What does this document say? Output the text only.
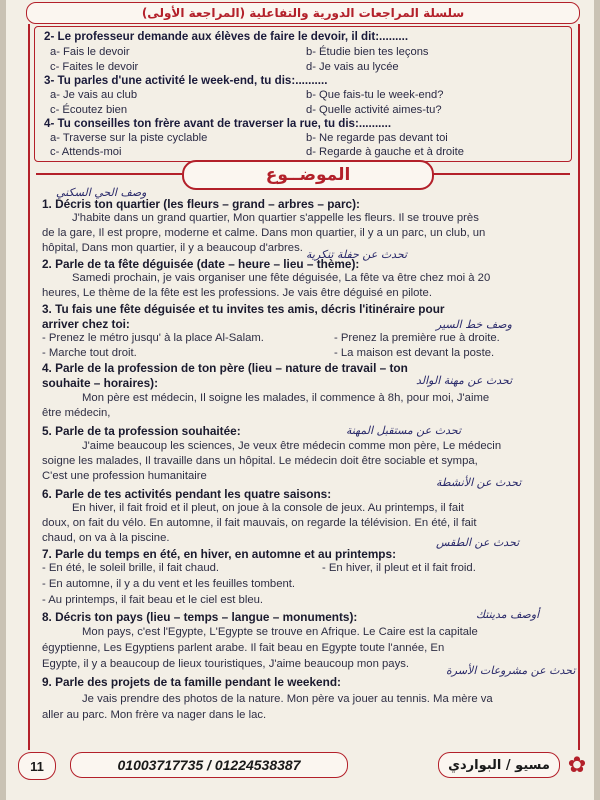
سلسلة المراجعات الدورية والتفاعلية (المراجعة الأولى)
2- Le professeur demande aux élèves de faire le devoir, il dit:.........
a- Fais le devoir	b- Étudie bien tes leçons
c- Faites le devoir	d- Je vais au lycée
3- Tu parles d'une activité le week-end, tu dis:..........
a- Je vais au club	b- Que fais-tu le week-end?
c- Écoutez bien	d- Quelle activité aimes-tu?
4- Tu conseilles ton frère avant de traverser la rue, tu dis:..........
a- Traverse sur la piste cyclable	b- Ne regarde pas devant toi
c- Attends-moi	d- Regarde à gauche et à droite
الموضــوع
وصف الحي السكني
1. Décris ton quartier (les fleurs – grand – arbres – parc):
J'habite dans un grand quartier, Mon quartier s'appelle les fleurs. Il se trouve près
de la gare, Il est propre, moderne et calme. Dans mon quartier, il y a un parc, un club, un
hôpital, Dans mon quartier, il y a beaucoup d'arbres. تحدث عن حفلة تنكرية
2. Parle de ta fête déguisée (date – heure – lieu – thème):
Samedi prochain, je vais organiser une fête déguisée, La fête va être chez moi à 20
heures, Le thème de la fête est les professions. Je vais être déguisé en pilote.
3. Tu fais une fête déguisée et tu invites tes amis, décris l'itinéraire pour
arriver chez toi:	وصف خط السير
- Prenez le métro jusqu' à la place Al-Salam.	- Prenez la première rue à droite.
- Marche tout droit.	- La maison est devant la poste.
4. Parle de la profession de ton père (lieu – nature de travail – ton
souhaite – horaires):	تحدث عن مهنة الوالد
Mon père est médecin, Il soigne les malades, il commence à 8h, pour moi, J'aime
être médecin,
5. Parle de ta profession souhaitée:	تحدث عن مستقبل المهنة
J'aime beaucoup les sciences, Je veux être médecin comme mon père, Le médecin
soigne les malades, Il travaille dans un hôpital. Le médecin doit être sociable et sympa,
C'est une profession humanitaire	تحدث عن الأنشطة
6. Parle de tes activités pendant les quatre saisons:
En hiver, il fait froid et il pleut, on joue à la console de jeux. Au printemps, il fait
doux, on fait du vélo. En automne, il fait mauvais, on regarde la télévision. En été, il fait
chaud, on va à la piscine.	تحدث عن الطقس
7. Parle du temps en été, en hiver, en automne et au printemps:
- En été, le soleil brille, il fait chaud.	- En hiver, il pleut et il fait froid.
- En automne, il y a du vent et les feuilles tombent.
- Au printemps, il fait beau et le ciel est bleu.
8. Décris ton pays (lieu – temps – langue – monuments):	أوصف مدينتك
Mon pays, c'est l'Egypte, L'Egypte se trouve en Afrique. Le Caire est la capitale
égyptienne, Les Egyptiens parlent arabe. Il fait beau en Egypte toute l'année, En
Egypte, il y a beaucoup de lieux touristiques, J'aime beaucoup mon pays.
9. Parle des projets de ta famille pendant le weekend:
تحدث عن مشروعات الأسرة
Je vais prendre des photos de la nature. Mon père va jouer au tennis. Ma mère va
aller au parc. Mon frère va nager dans le lac.
11	01003717735 / 01224538387	مسيو / البواردي ✿
